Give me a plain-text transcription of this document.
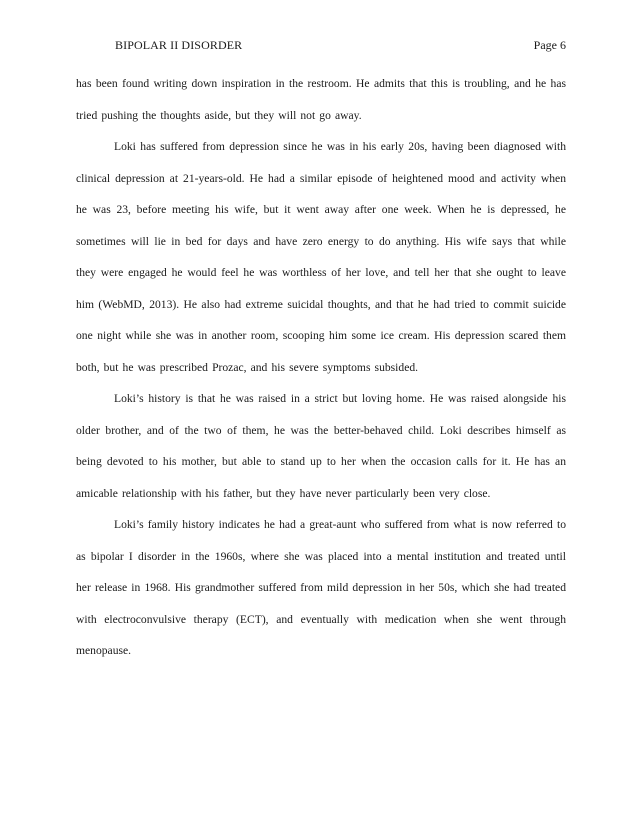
BIPOLAR II DISORDER	Page 6

has been found writing down inspiration in the restroom. He admits that this is troubling, and he has tried pushing the thoughts aside, but they will not go away.

Loki has suffered from depression since he was in his early 20s, having been diagnosed with clinical depression at 21-years-old. He had a similar episode of heightened mood and activity when he was 23, before meeting his wife, but it went away after one week. When he is depressed, he sometimes will lie in bed for days and have zero energy to do anything. His wife says that while they were engaged he would feel he was worthless of her love, and tell her that she ought to leave him (WebMD, 2013). He also had extreme suicidal thoughts, and that he had tried to commit suicide one night while she was in another room, scooping him some ice cream. His depression scared them both, but he was prescribed Prozac, and his severe symptoms subsided.

Loki’s history is that he was raised in a strict but loving home. He was raised alongside his older brother, and of the two of them, he was the better-behaved child. Loki describes himself as being devoted to his mother, but able to stand up to her when the occasion calls for it. He has an amicable relationship with his father, but they have never particularly been very close.

Loki’s family history indicates he had a great-aunt who suffered from what is now referred to as bipolar I disorder in the 1960s, where she was placed into a mental institution and treated until her release in 1968. His grandmother suffered from mild depression in her 50s, which she had treated with electroconvulsive therapy (ECT), and eventually with medication when she went through menopause.
